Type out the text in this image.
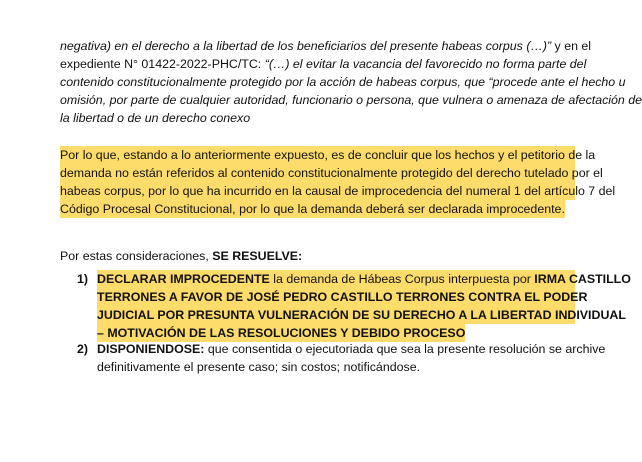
negativa) en el derecho a la libertad de los beneficiarios del presente habeas corpus (…)” y en el
expediente N° 01422-2022-PHC/TC: “(…) el evitar la vacancia del favorecido no forma parte del
contenido constitucionalmente protegido por la acción de habeas corpus, que “procede ante el hecho u
omisión, por parte de cualquier autoridad, funcionario o persona, que vulnera o amenaza de afectación de
la libertad o de un derecho conexo
Por lo que, estando a lo anteriormente expuesto, es de concluir que los hechos y el petitorio de la
demanda no están referidos al contenido constitucionalmente protegido del derecho tutelado por el
habeas corpus, por lo que ha incurrido en la causal de improcedencia del numeral 1 del artículo 7 del
Código Procesal Constitucional, por lo que la demanda deberá ser declarada improcedente.
Por estas consideraciones, SE RESUELVE:
1) DECLARAR IMPROCEDENTE la demanda de Hábeas Corpus interpuesta por IRMA CASTILLO
TERRONES A FAVOR DE JOSÉ PEDRO CASTILLO TERRONES CONTRA EL PODER
JUDICIAL POR PRESUNTA VULNERACIÓN DE SU DERECHO A LA LIBERTAD INDIVIDUAL
– MOTIVACIÓN DE LAS RESOLUCIONES Y DEBIDO PROCESO
2) DISPONIENDOSE: que consentida o ejecutoriada que sea la presente resolución se archive
definitivamente el presente caso; sin costos; notificándose.
